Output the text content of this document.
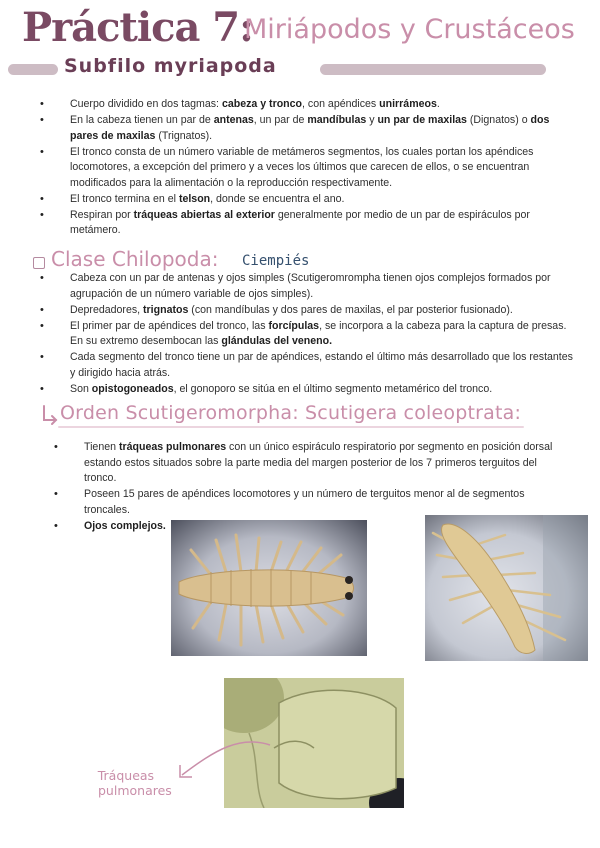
Práctica 7:
Miriápodos y Crustáceos
Subfilo myriapoda
• Cuerpo dividido en dos tagmas: cabeza y tronco, con apéndices unirrámeos.
• En la cabeza tienen un par de antenas, un par de mandíbulas y un par de maxilas (Dignatos) o dos pares de maxilas (Trignatos).
• El tronco consta de un número variable de metámeros segmentos, los cuales portan los apéndices locomotores, a excepción del primero y a veces los últimos que carecen de ellos, o se encuentran modificados para la alimentación o la reproducción respectivamente.
• El tronco termina en el telson, donde se encuentra el ano.
• Respiran por tráqueas abiertas al exterior generalmente por medio de un par de espiráculos por metámero.
Clase Chilopoda: Ciempiés
• Cabeza con un par de antenas y ojos simples (Scutigeromrompha tienen ojos complejos formados por agrupación de un número variable de ojos simples).
• Depredadores, trignatos (con mandíbulas y dos pares de maxilas, el par posterior fusionado).
• El primer par de apéndices del tronco, las forcípulas, se incorpora a la cabeza para la captura de presas. En su extremo desembocan las glándulas del veneno.
• Cada segmento del tronco tiene un par de apéndices, estando el último más desarrollado que los restantes y dirigido hacia atrás.
• Son opistogoneados, el gonoporo se sitúa en el último segmento metamérico del tronco.
Orden Scutigeromorpha: Scutigera coleoptrata:
• Tienen tráqueas pulmonares con un único espiráculo respiratorio por segmento en posición dorsal estando estos situados sobre la parte media del margen posterior de los 7 primeros terguitos del tronco.
• Poseen 15 pares de apéndices locomotores y un número de terguitos menor al de segmentos troncales.
• Ojos complejos.
Tráqueas
pulmonares
